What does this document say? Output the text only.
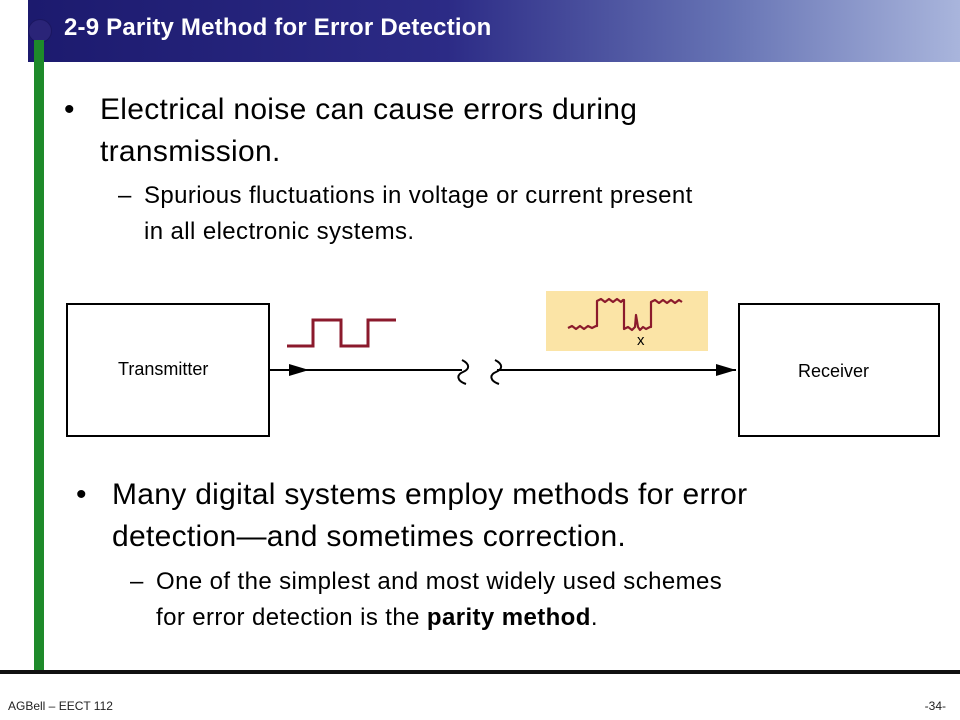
2-9 Parity Method for Error Detection
• Electrical noise can cause errors during
transmission.
– Spurious fluctuations in voltage or current present
in all electronic systems.
Transmitter	Receiver
x
• Many digital systems employ methods for error
detection—and sometimes correction.
– One of the simplest and most widely used schemes
for error detection is the parity method.
AGBell – EECT 112	-34-
